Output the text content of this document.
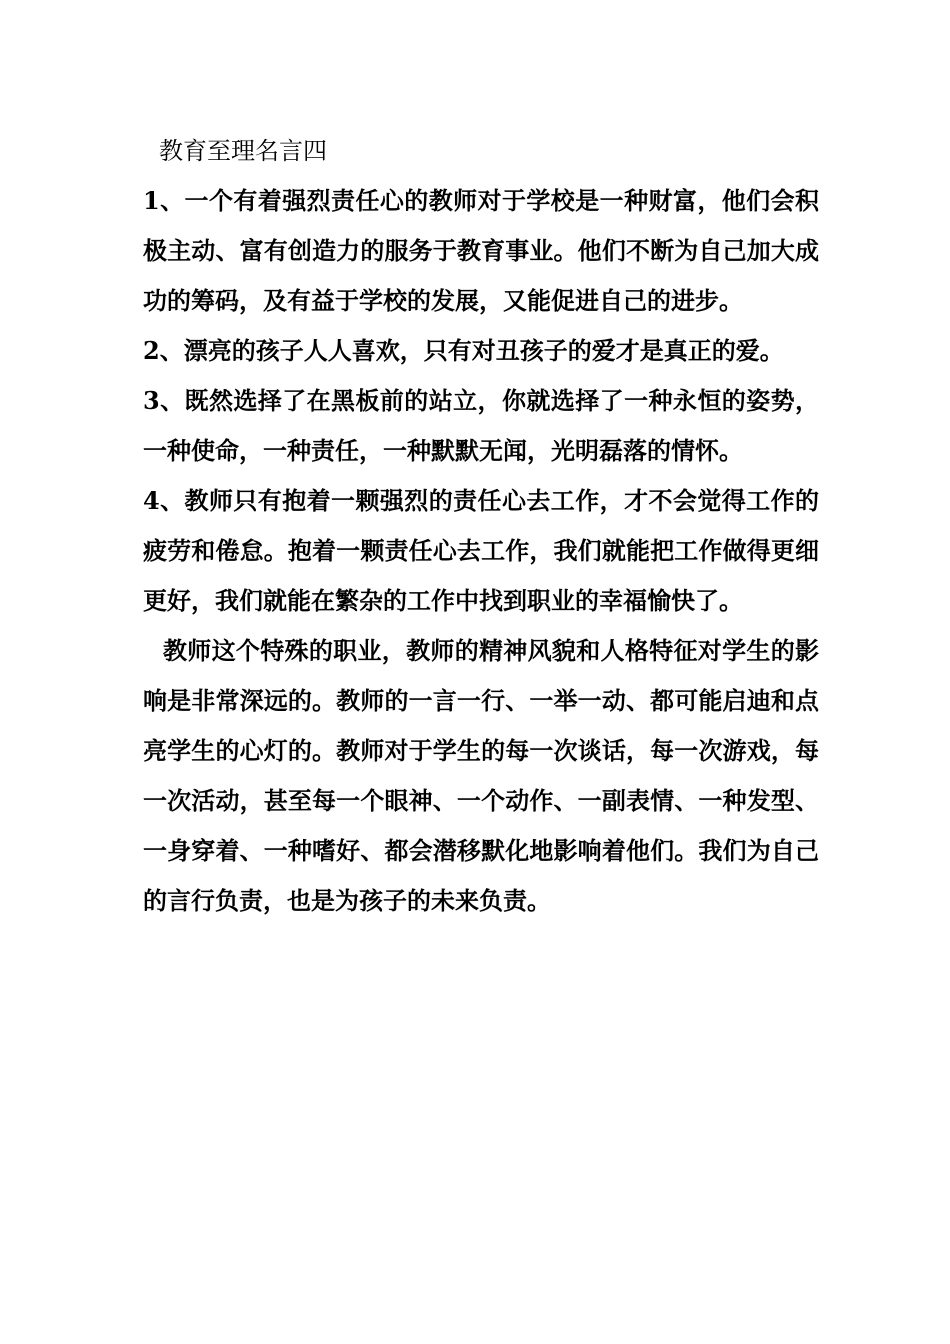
教育至理名言四

1、一个有着强烈责任心的教师对于学校是一种财富，他们会积极主动、富有创造力的服务于教育事业。他们不断为自己加大成功的筹码，及有益于学校的发展，又能促进自己的进步。

2、漂亮的孩子人人喜欢，只有对丑孩子的爱才是真正的爱。

3、既然选择了在黑板前的站立，你就选择了一种永恒的姿势，一种使命，一种责任，一种默默无闻，光明磊落的情怀。

4、教师只有抱着一颗强烈的责任心去工作，才不会觉得工作的疲劳和倦怠。抱着一颗责任心去工作，我们就能把工作做得更细更好，我们就能在繁杂的工作中找到职业的幸福愉快了。

教师这个特殊的职业，教师的精神风貌和人格特征对学生的影响是非常深远的。教师的一言一行、一举一动、都可能启迪和点亮学生的心灯的。教师对于学生的每一次谈话，每一次游戏，每一次活动，甚至每一个眼神、一个动作、一副表情、一种发型、一身穿着、一种嗜好、都会潜移默化地影响着他们。我们为自己的言行负责，也是为孩子的未来负责。
